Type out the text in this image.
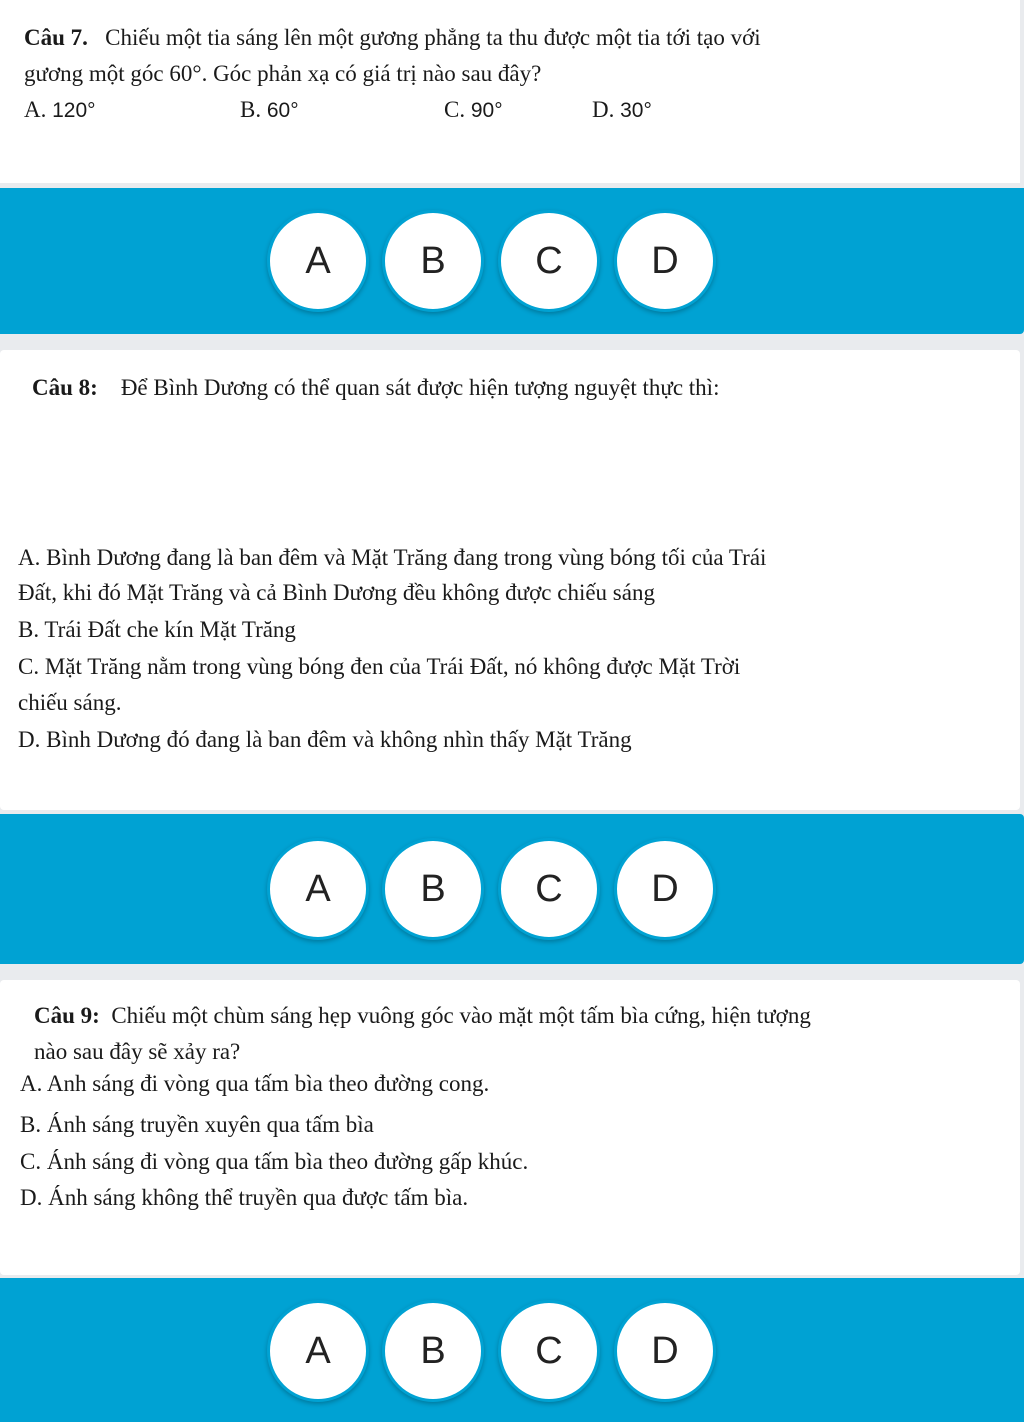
Câu 7. Chiếu một tia sáng lên một gương phẳng ta thu được một tia tới tạo với
gương một góc 60°. Góc phản xạ có giá trị nào sau đây?
A. 120°	B. 60°	C. 90°	D. 30°
A	B	C	D
Câu 8: Để Bình Dương có thể quan sát được hiện tượng nguyệt thực thì:
A. Bình Dương đang là ban đêm và Mặt Trăng đang trong vùng bóng tối của Trái
Đất, khi đó Mặt Trăng và cả Bình Dương đều không được chiếu sáng
B. Trái Đất che kín Mặt Trăng
C. Mặt Trăng nằm trong vùng bóng đen của Trái Đất, nó không được Mặt Trời
chiếu sáng.
D. Bình Dương đó đang là ban đêm và không nhìn thấy Mặt Trăng
A	B	C	D
Câu 9: Chiếu một chùm sáng hẹp vuông góc vào mặt một tấm bìa cứng, hiện tượng
nào sau đây sẽ xảy ra?
A. Anh sáng đi vòng qua tấm bìa theo đường cong.
B. Ánh sáng truyền xuyên qua tấm bìa
C. Ánh sáng đi vòng qua tấm bìa theo đường gấp khúc.
D. Ánh sáng không thể truyền qua được tấm bìa.
A	B	C	D
